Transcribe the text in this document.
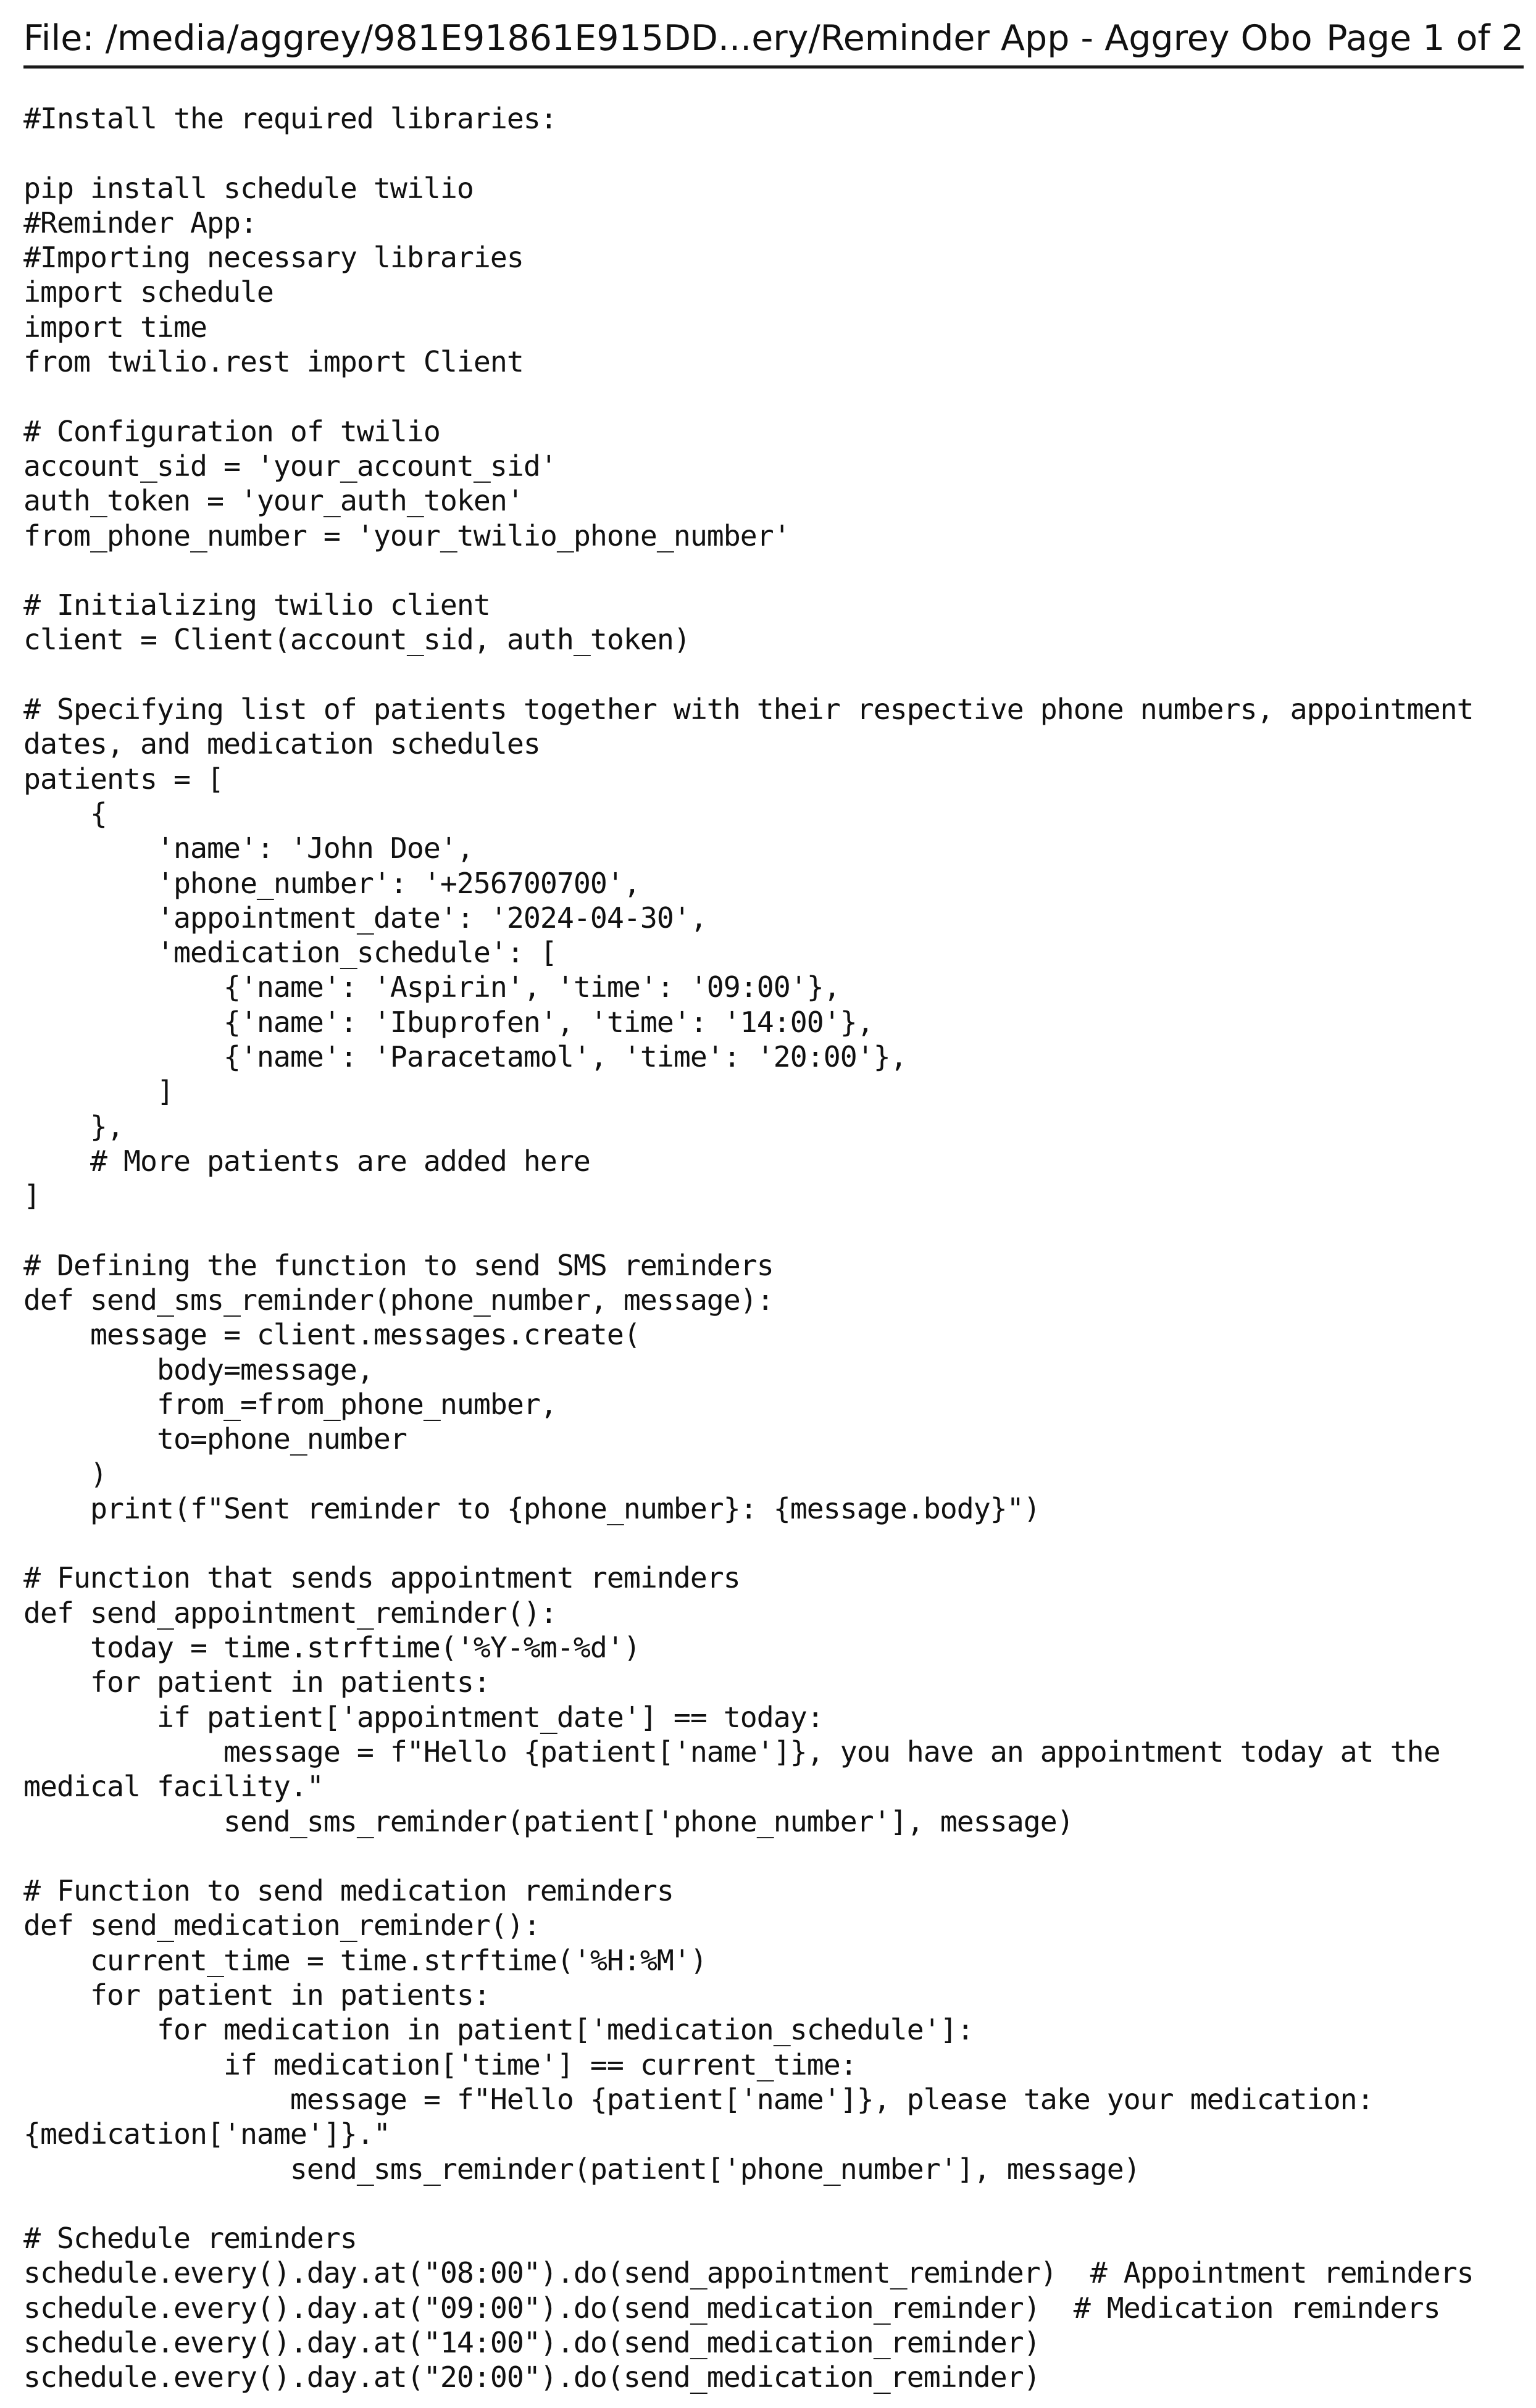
File: /media/aggrey/981E91861E915DD...ery/Reminder App - Aggrey Obo Page 1 of 2
#Install the required libraries:
pip install schedule twilio
#Reminder App:
#Importing necessary libraries
import schedule
import time
from twilio.rest import Client
# Configuration of twilio
account_sid = 'your_account_sid'
auth_token = 'your_auth_token'
from_phone_number = 'your_twilio_phone_number'
# Initializing twilio client
client = Client(account_sid, auth_token)
# Specifying list of patients together with their respective phone numbers, appointment
dates, and medication schedules
patients = [
{
'name': 'John Doe',
'phone_number': '+256700700',
'appointment_date': '2024-04-30',
'medication_schedule': [
{'name': 'Aspirin', 'time': '09:00'},
{'name': 'Ibuprofen', 'time': '14:00'},
{'name': 'Paracetamol', 'time': '20:00'},
]
},
# More patients are added here
]
# Defining the function to send SMS reminders
def send_sms_reminder(phone_number, message):
message = client.messages.create(
body=message,
from_=from_phone_number,
to=phone_number
)
print(f"Sent reminder to {phone_number}: {message.body}")
# Function that sends appointment reminders
def send_appointment_reminder():
today = time.strftime('%Y-%m-%d')
for patient in patients:
if patient['appointment_date'] == today:
message = f"Hello {patient['name']}, you have an appointment today at the
medical facility."
send_sms_reminder(patient['phone_number'], message)
# Function to send medication reminders
def send_medication_reminder():
current_time = time.strftime('%H:%M')
for patient in patients:
for medication in patient['medication_schedule']:
if medication['time'] == current_time:
message = f"Hello {patient['name']}, please take your medication:
{medication['name']}."
send_sms_reminder(patient['phone_number'], message)
# Schedule reminders
schedule.every().day.at("08:00").do(send_appointment_reminder)  # Appointment reminders
schedule.every().day.at("09:00").do(send_medication_reminder)  # Medication reminders
schedule.every().day.at("14:00").do(send_medication_reminder)
schedule.every().day.at("20:00").do(send_medication_reminder)
